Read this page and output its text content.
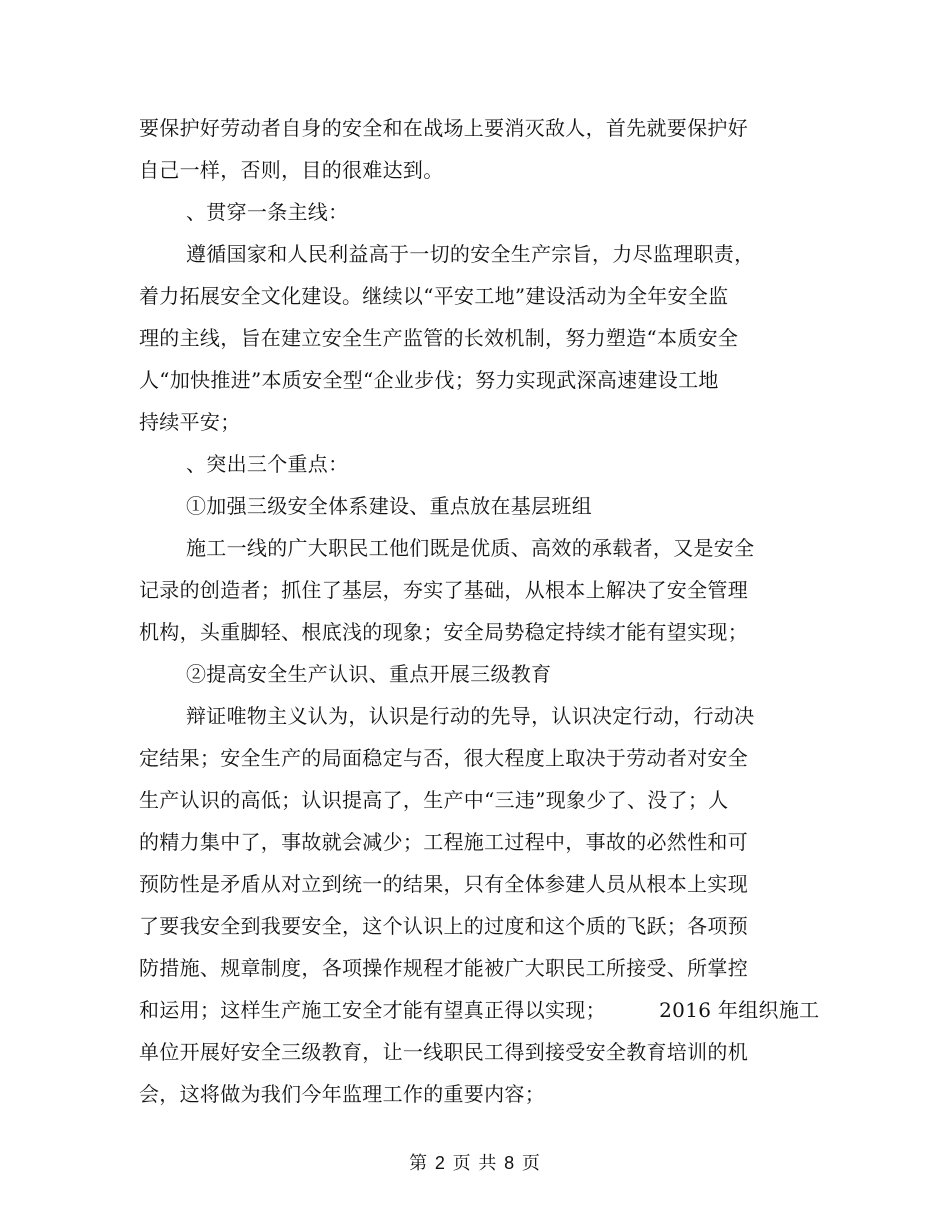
要保护好劳动者自身的安全和在战场上要消灭敌人，首先就要保护好
自己一样，否则，目的很难达到。
、贯穿一条主线：
遵循国家和人民利益高于一切的安全生产宗旨，力尽监理职责，
着力拓展安全文化建设。继续以“平安工地”建设活动为全年安全监
理的主线，旨在建立安全生产监管的长效机制，努力塑造“本质安全
人“加快推进”本质安全型“企业步伐；努力实现武深高速建设工地
持续平安；
、突出三个重点：
①加强三级安全体系建设、重点放在基层班组
施工一线的广大职民工他们既是优质、高效的承载者，又是安全
记录的创造者；抓住了基层，夯实了基础，从根本上解决了安全管理
机构，头重脚轻、根底浅的现象；安全局势稳定持续才能有望实现；
②提高安全生产认识、重点开展三级教育
辩证唯物主义认为，认识是行动的先导，认识决定行动，行动决
定结果；安全生产的局面稳定与否，很大程度上取决于劳动者对安全
生产认识的高低；认识提高了，生产中“三违”现象少了、没了；人
的精力集中了，事故就会减少；工程施工过程中，事故的必然性和可
预防性是矛盾从对立到统一的结果，只有全体参建人员从根本上实现
了要我安全到我要安全，这个认识上的过度和这个质的飞跃；各项预
防措施、规章制度，各项操作规程才能被广大职民工所接受、所掌控
和运用；这样生产施工安全才能有望真正得以实现；        2016 年组织施工
单位开展好安全三级教育，让一线职民工得到接受安全教育培训的机
会，这将做为我们今年监理工作的重要内容；
第 2 页 共 8 页
